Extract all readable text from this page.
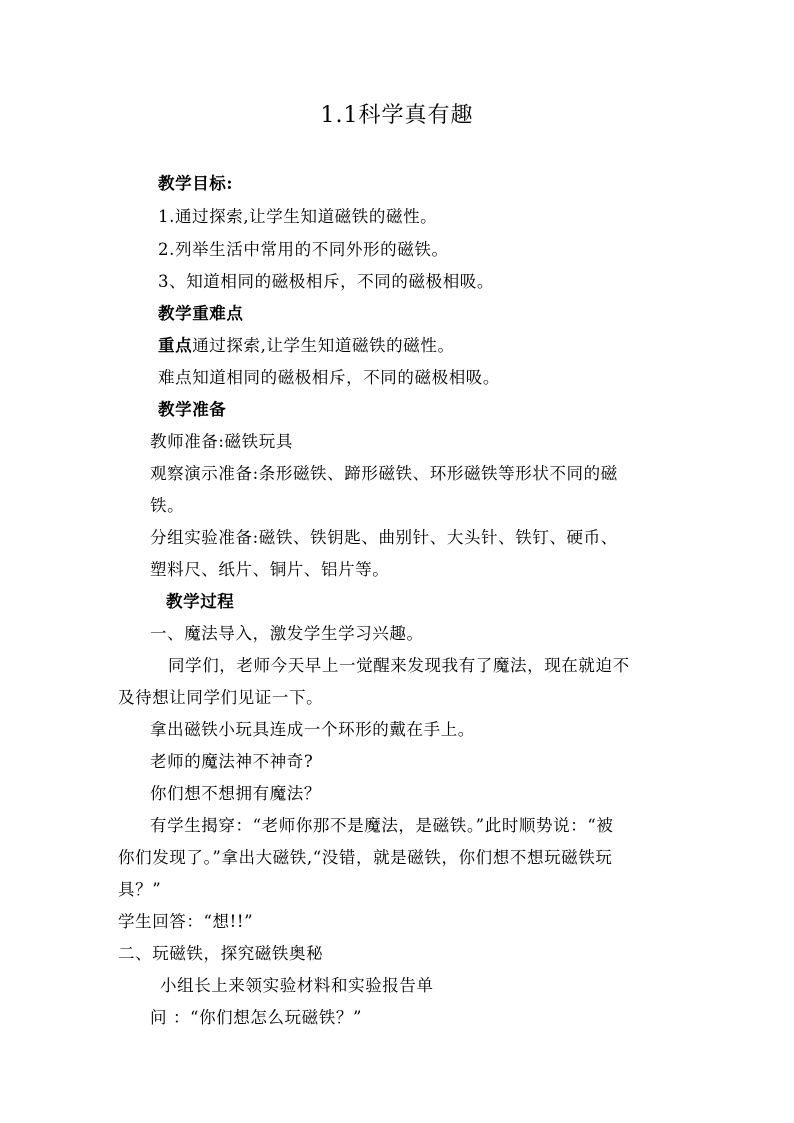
1.1科学真有趣
教学目标:
1.通过探索,让学生知道磁铁的磁性。
2.列举生活中常用的不同外形的磁铁。
3、知道相同的磁极相斥，不同的磁极相吸。
教学重难点
重点通过探索,让学生知道磁铁的磁性。
难点知道相同的磁极相斥，不同的磁极相吸。
教学准备
教师准备:磁铁玩具
观察演示准备:条形磁铁、蹄形磁铁、环形磁铁等形状不同的磁
铁。
分组实验准备:磁铁、铁钥匙、曲别针、大头针、铁钉、硬币、
塑料尺、纸片、铜片、铝片等。
教学过程
一、魔法导入，激发学生学习兴趣。
同学们，老师今天早上一觉醒来发现我有了魔法，现在就迫不
及待想让同学们见证一下。
拿出磁铁小玩具连成一个环形的戴在手上。
老师的魔法神不神奇?
你们想不想拥有魔法？
有学生揭穿：“老师你那不是魔法，是磁铁。”此时顺势说：“被
你们发现了。”拿出大磁铁,“没错，就是磁铁，你们想不想玩磁铁玩
具？”
学生回答：“想!!”
二、玩磁铁，探究磁铁奥秘
小组长上来领实验材料和实验报告单
问 ：“你们想怎么玩磁铁？”
